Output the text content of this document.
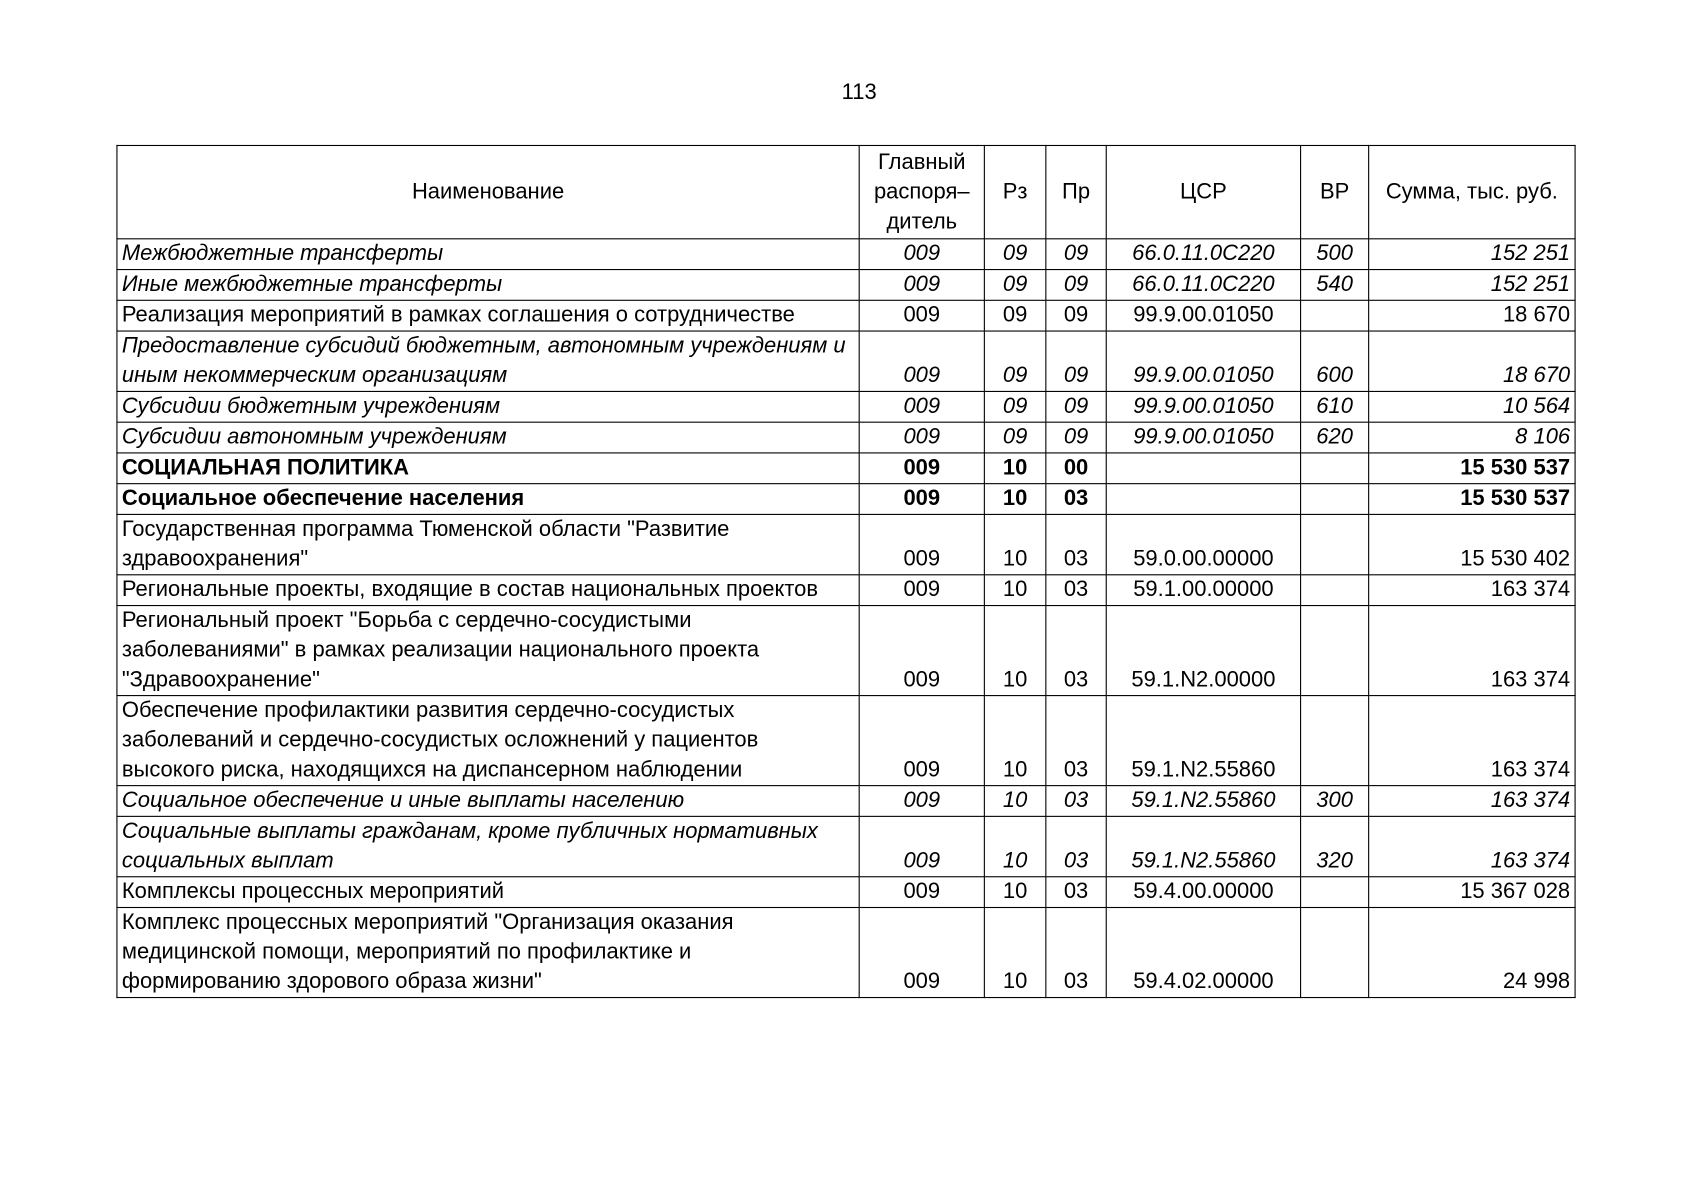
113
Наименование	Главный распоря– дитель	Рз	Пр	ЦСР	ВР	Сумма, тыс. руб.
Межбюджетные трансферты	009	09	09	66.0.11.0С220	500	152 251
Иные межбюджетные трансферты	009	09	09	66.0.11.0С220	540	152 251
Реализация мероприятий в рамках соглашения о сотрудничестве	009	09	09	99.9.00.01050		18 670
Предоставление субсидий бюджетным, автономным учреждениям и иным некоммерческим организациям	009	09	09	99.9.00.01050	600	18 670
Субсидии бюджетным учреждениям	009	09	09	99.9.00.01050	610	10 564
Субсидии автономным учреждениям	009	09	09	99.9.00.01050	620	8 106
СОЦИАЛЬНАЯ ПОЛИТИКА	009	10	00			15 530 537
Социальное обеспечение населения	009	10	03			15 530 537
Государственная программа Тюменской области "Развитие здравоохранения"	009	10	03	59.0.00.00000		15 530 402
Региональные проекты, входящие в состав национальных проектов	009	10	03	59.1.00.00000		163 374
Региональный проект "Борьба с сердечно-сосудистыми заболеваниями" в рамках реализации национального проекта "Здравоохранение"	009	10	03	59.1.N2.00000		163 374
Обеспечение профилактики развития сердечно-сосудистых заболеваний и сердечно-сосудистых осложнений у пациентов высокого риска, находящихся на диспансерном наблюдении	009	10	03	59.1.N2.55860		163 374
Социальное обеспечение и иные выплаты населению	009	10	03	59.1.N2.55860	300	163 374
Социальные выплаты гражданам, кроме публичных нормативных социальных выплат	009	10	03	59.1.N2.55860	320	163 374
Комплексы процессных мероприятий	009	10	03	59.4.00.00000		15 367 028
Комплекс процессных мероприятий "Организация оказания медицинской помощи, мероприятий по профилактике и формированию здорового образа жизни"	009	10	03	59.4.02.00000		24 998
